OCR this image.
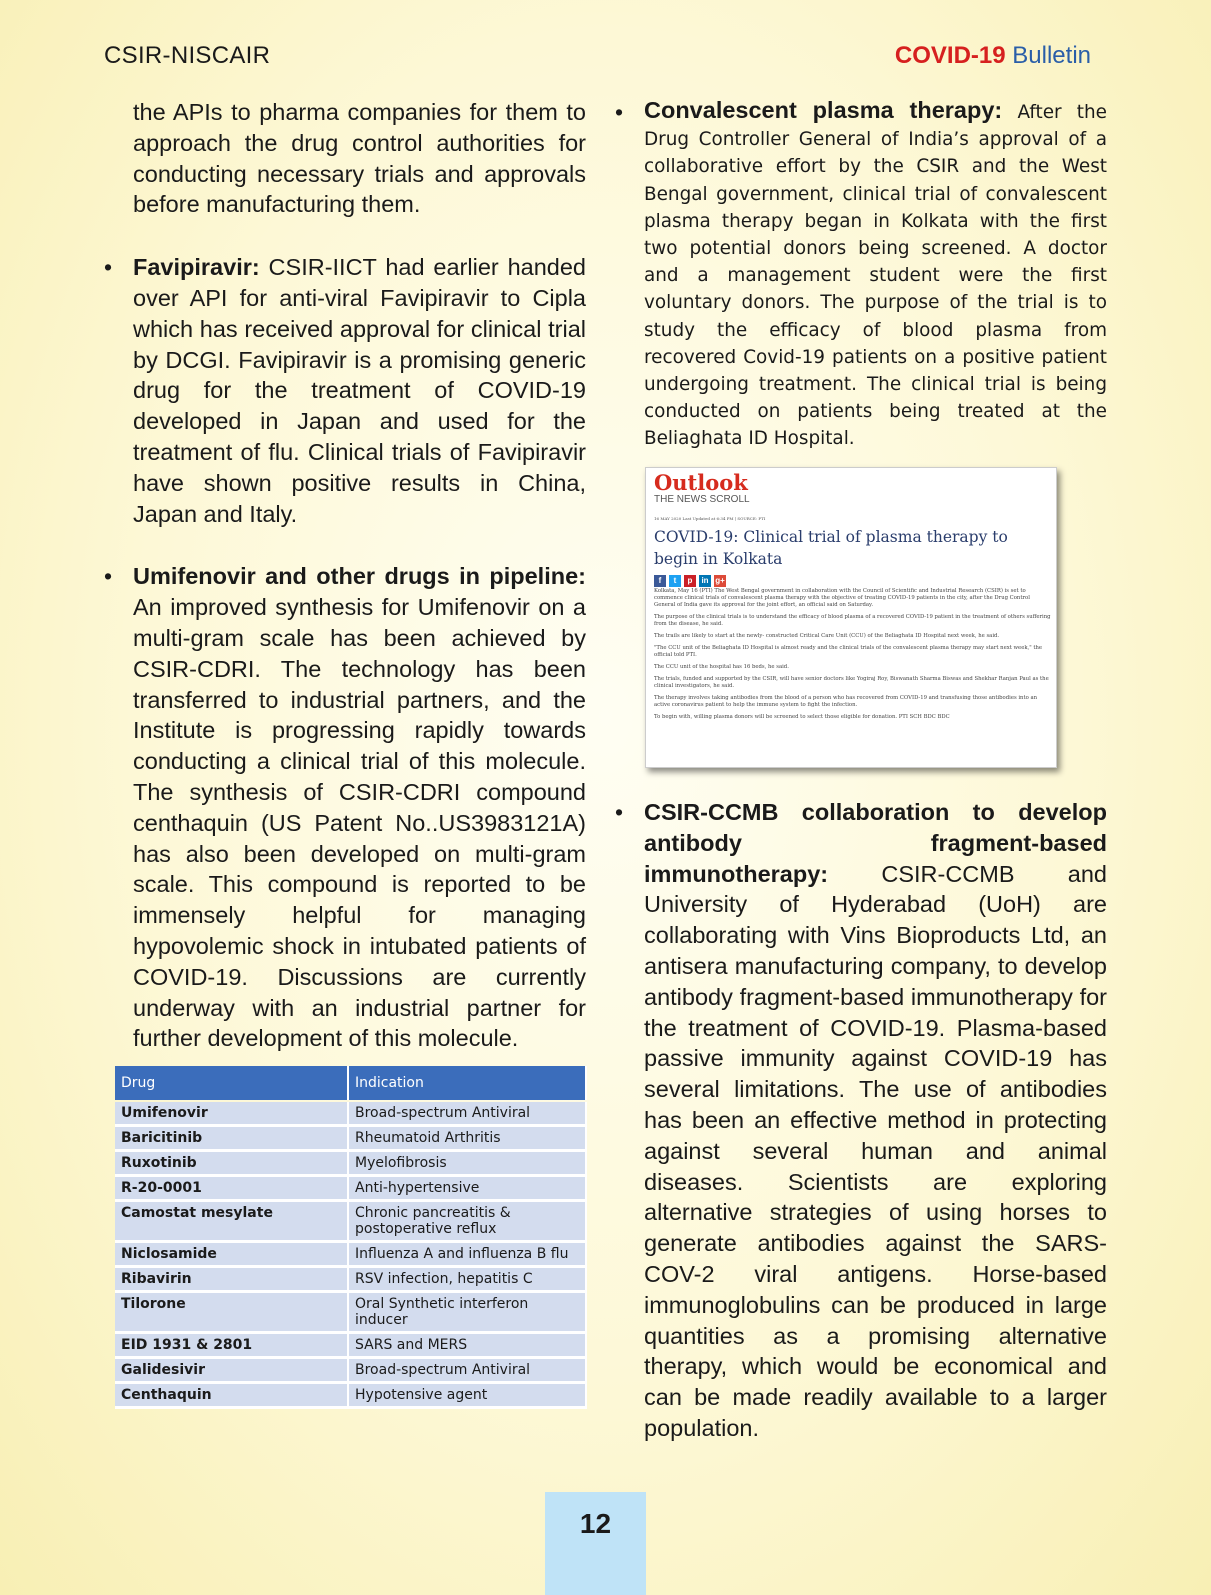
CSIR-NISCAIR	COVID-19 Bulletin

the APIs to pharma companies for them to approach the drug control authorities for conducting necessary trials and approvals before manufacturing them.

• Favipiravir: CSIR-IICT had earlier handed over API for anti-viral Favipiravir to Cipla which has received approval for clinical trial by DCGI. Favipiravir is a promising generic drug for the treatment of COVID-19 developed in Japan and used for the treatment of flu. Clinical trials of Favipiravir have shown positive results in China, Japan and Italy.

• Umifenovir and other drugs in pipeline: An improved synthesis for Umifenovir on a multi-gram scale has been achieved by CSIR-CDRI. The technology has been transferred to industrial partners, and the Institute is progressing rapidly towards conducting a clinical trial of this molecule. The synthesis of CSIR-CDRI compound centhaquin (US Patent No..US3983121A) has also been developed on multi-gram scale. This compound is reported to be immensely helpful for managing hypovolemic shock in intubated patients of COVID-19. Discussions are currently underway with an industrial partner for further development of this molecule.

Drug	Indication

Umifenovir	Broad-spectrum Antiviral
Baricitinib	Rheumatoid Arthritis
Ruxotinib	Myelofibrosis
R-20-0001	Anti-hypertensive
Camostat mesylate	Chronic pancreatitis & postoperative reflux
Niclosamide	Influenza A and influenza B flu
Ribavirin	RSV infection, hepatitis C
Tilorone	Oral Synthetic interferon inducer
EID 1931 & 2801	SARS and MERS
Galidesivir	Broad-spectrum Antiviral
Centhaquin	Hypotensive agent
• Convalescent plasma therapy: After the Drug Controller General of India’s approval of a collaborative effort by the CSIR and the West Bengal government, clinical trial of convalescent plasma therapy began in Kolkata with the first two potential donors being screened. A doctor and a management student were the first voluntary donors. The purpose of the trial is to study the efficacy of blood plasma from recovered Covid-19 patients on a positive patient undergoing treatment. The clinical trial is being conducted on patients being treated at the Beliaghata ID Hospital.

Outlook
THE NEWS SCROLL
16 MAY 2020 Last Updated at 6:34 PM | SOURCE: PTI
COVID-19: Clinical trial of plasma therapy to begin in Kolkata
f	t	p	in g+

Kolkata, May 16 (PTI) The West Bengal government in collaboration with the Council of Scientific and Industrial Research (CSIR) is set to commence clinical trials of convalescent plasma therapy with the objective of treating COVID-19 patients in the city, after the Drug Control General of India gave its approval for the joint effort, an official said on Saturday.

The purpose of the clinical trials is to understand the efficacy of blood plasma of a recovered COVID-19 patient in the treatment of others suffering from the disease, he said.

The trails are likely to start at the newly- constructed Critical Care Unit (CCU) of the Beliaghata ID Hospital next week, he said.

"The CCU unit of the Beliaghata ID Hospital is almost ready and the clinical trials of the convalescent plasma therapy may start next week," the official told PTI.

The CCU unit of the hospital has 16 beds, he said.

The trials, funded and supported by the CSIR, will have senior doctors like Yogiraj Roy, Biswanath Sharma Biswas and Shekhar Ranjan Paul as the clinical investigators, he said.

The therapy involves taking antibodies from the blood of a person who has recovered from COVID-19 and transfusing those antibodies into an active coronavirus patient to help the immune system to fight the infection.

To begin with, willing plasma donors will be screened to select those eligible for donation. PTI SCH BDC BDC

• CSIR-CCMB collaboration to develop antibody fragment-based immunotherapy: CSIR-CCMB and University of Hyderabad (UoH) are collaborating with Vins Bioproducts Ltd, an antisera manufacturing company, to develop antibody fragment-based immunotherapy for the treatment of COVID-19. Plasma-based passive immunity against COVID-19 has several limitations. The use of antibodies has been an effective method in protecting against several human and animal diseases. Scientists are exploring alternative strategies of using horses to generate antibodies against the SARS-COV-2 viral antigens. Horse-based immunoglobulins can be produced in large quantities as a promising alternative therapy, which would be economical and can be made readily available to a larger population.

12
